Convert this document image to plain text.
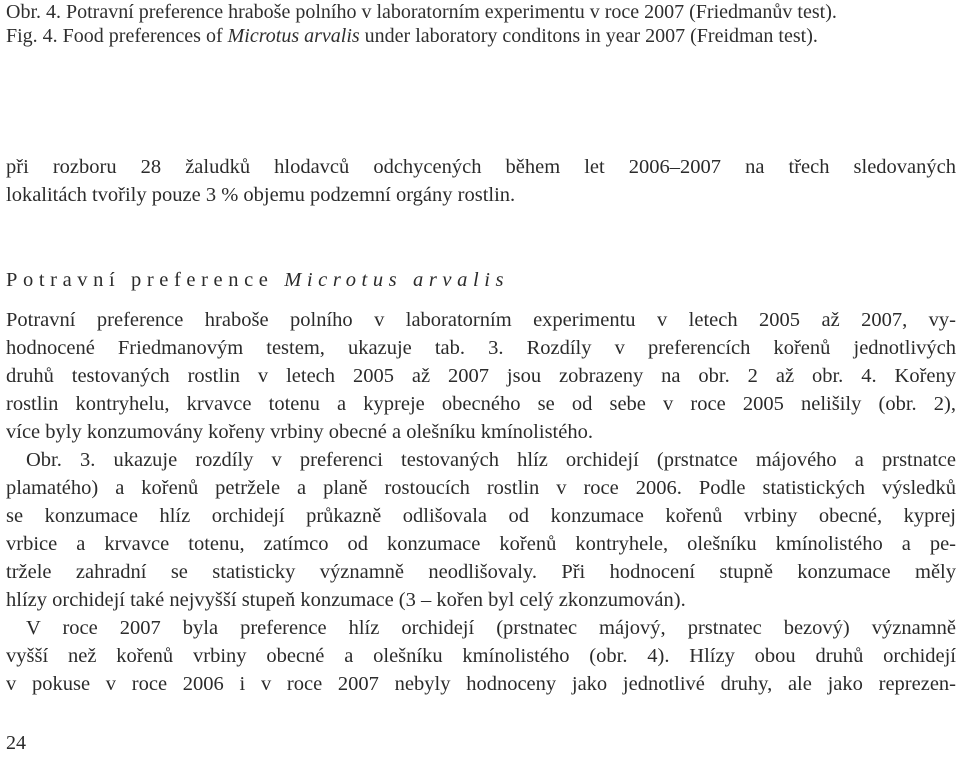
Obr. 4. Potravní preference hraboše polního v laboratorním experimentu v roce 2007 (Friedmanův test).
Fig. 4. Food preferences of Microtus arvalis under laboratory conditons in year 2007 (Freidman test).
při rozboru 28 žaludků hlodavců odchycených během let 2006–2007 na třech sledovaných
lokalitách tvořily pouze 3 % objemu podzemní orgány rostlin.
Potravní preference Microtus arvalis
Potravní preference hraboše polního v laboratorním experimentu v letech 2005 až 2007, vy-
hodnocené Friedmanovým testem, ukazuje tab. 3. Rozdíly v preferencích kořenů jednotlivých
druhů testovaných rostlin v letech 2005 až 2007 jsou zobrazeny na obr. 2 až obr. 4. Kořeny
rostlin kontryhelu, krvavce totenu a kypreje obecného se od sebe v roce 2005 nelišily (obr. 2),
více byly konzumovány kořeny vrbiny obecné a olešníku kmínolistého.
Obr. 3. ukazuje rozdíly v preferenci testovaných hlíz orchidejí (prstnatce májového a prstnatce
plamatého) a kořenů petržele a planě rostoucích rostlin v roce 2006. Podle statistických výsledků
se konzumace hlíz orchidejí průkazně odlišovala od konzumace kořenů vrbiny obecné, kyprej
vrbice a krvavce totenu, zatímco od konzumace kořenů kontryhele, olešníku kmínolistého a pe-
tržele zahradní se statisticky významně neodlišovaly. Při hodnocení stupně konzumace měly
hlízy orchidejí také nejvyšší stupeň konzumace (3 – kořen byl celý zkonzumován).
V roce 2007 byla preference hlíz orchidejí (prstnatec májový, prstnatec bezový) významně
vyšší než kořenů vrbiny obecné a olešníku kmínolistého (obr. 4). Hlízy obou druhů orchidejí
v pokuse v roce 2006 i v roce 2007 nebyly hodnoceny jako jednotlivé druhy, ale jako reprezen-
24
